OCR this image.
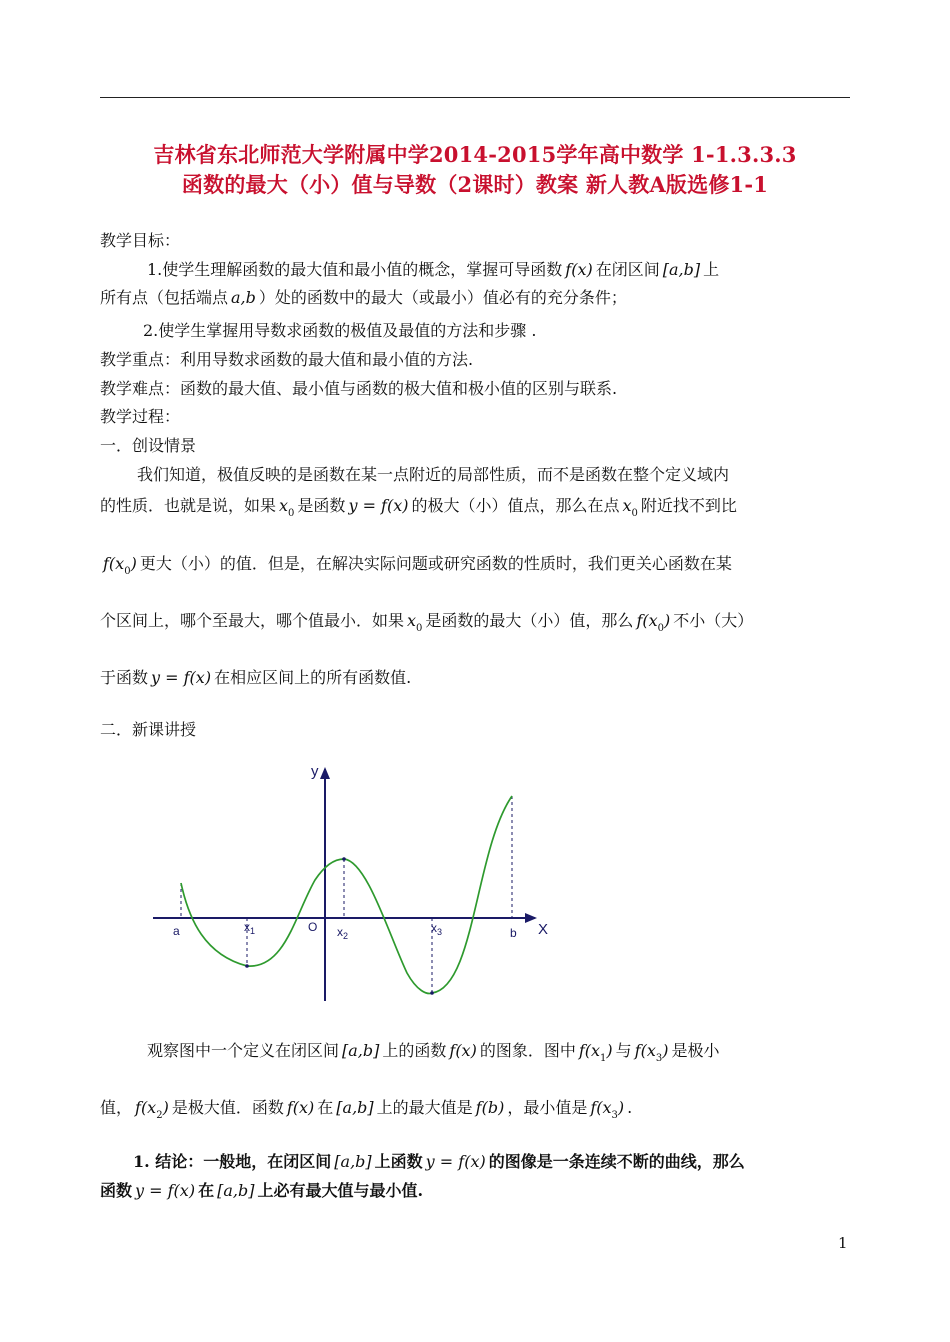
吉林省东北师范大学附属中学2014-2015学年高中数学 1-1.3.3.3
函数的最大（小）值与导数（2课时）教案 新人教A版选修1-1
教学目标：
1.使学生理解函数的最大值和最小值的概念，掌握可导函数 f(x) 在闭区间 [a,b] 上
所有点（包括端点 a,b ）处的函数中的最大（或最小）值必有的充分条件；
2.使学生掌握用导数求函数的极值及最值的方法和步骤 .
教学重点：利用导数求函数的最大值和最小值的方法.
教学难点：函数的最大值、最小值与函数的极大值和极小值的区别与联系.
教学过程：
一．创设情景
我们知道，极值反映的是函数在某一点附近的局部性质，而不是函数在整个定义域内
的性质．也就是说，如果 $x_0$ 是函数 y = f(x) 的极大（小）值点，那么在点 $x_0$ 附近找不到比
$f(x_0)$ 更大（小）的值．但是，在解决实际问题或研究函数的性质时，我们更关心函数在某
个区间上，哪个至最大，哪个值最小．如果 $x_0$ 是函数的最大（小）值，那么 $f(x_0)$ 不小（大）
于函数 y = f(x) 在相应区间上的所有函数值.
二．新课讲授
y
X
O
a	$x_1$	$x_2$
$x_3$	b
观察图中一个定义在闭区间 [a,b] 上的函数 f(x) 的图象．图中 $f(x_1)$ 与 $f(x_3)$ 是极小
值， $f(x_2)$ 是极大值．函数 f(x) 在 [a,b] 上的最大值是 f(b) ，最小值是 $f(x_3)$ .
1. 结论：一般地，在闭区间 [a,b] 上函数 y = f(x) 的图像是一条连续不断的曲线，那么
函数 y = f(x) 在 [a,b] 上必有最大值与最小值.
1
